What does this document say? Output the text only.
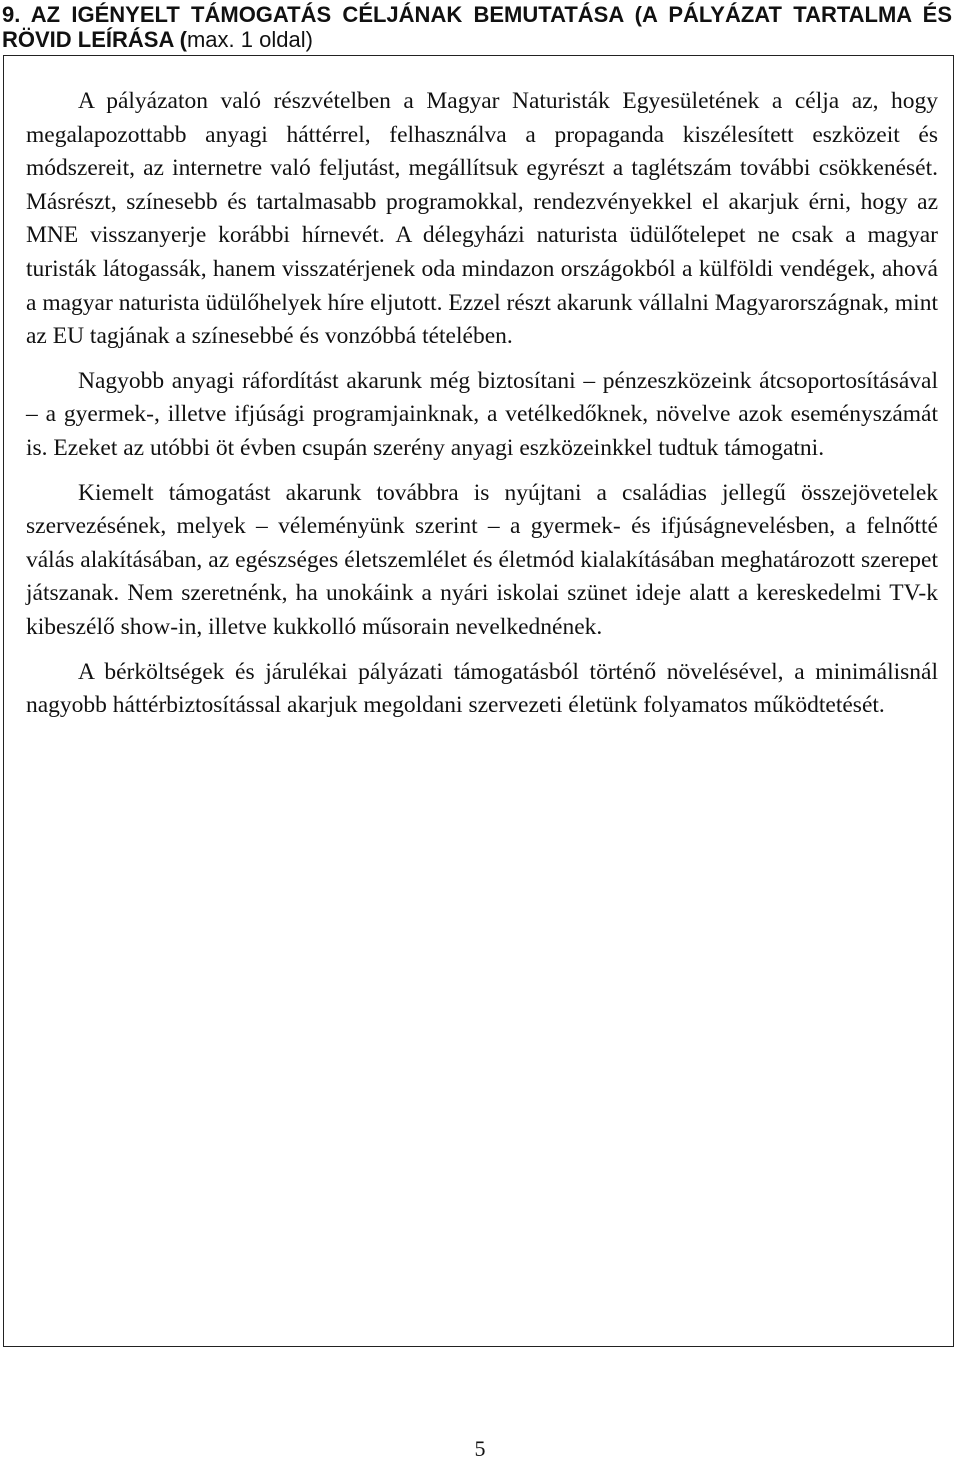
9. AZ IGÉNYELT TÁMOGATÁS CÉLJÁNAK BEMUTATÁSA (A PÁLYÁZAT TARTALMA ÉS RÖVID LEÍRÁSA (max. 1 oldal)

A pályázaton való részvételben a Magyar Naturisták Egyesületének a célja az, hogy megalapozottabb anyagi háttérrel, felhasználva a propaganda kiszélesített eszközeit és módszereit, az internetre való feljutást, megállítsuk egyrészt a taglétszám további csökkenését. Másrészt, színesebb és tartalmasabb programokkal, rendezvényekkel el akarjuk érni, hogy az MNE visszanyerje korábbi hírnevét. A délegyházi naturista üdülőtelepet ne csak a magyar turisták látogassák, hanem visszatérjenek oda mindazon országokból a külföldi vendégek, ahová a magyar naturista üdülőhelyek híre eljutott. Ezzel részt akarunk vállalni Magyarországnak, mint az EU tagjának a színesebbé és vonzóbbá tételében.

Nagyobb anyagi ráfordítást akarunk még biztosítani – pénzeszközeink átcsoportosításával – a gyermek-, illetve ifjúsági programjainknak, a vetélkedőknek, növelve azok eseményszámát is. Ezeket az utóbbi öt évben csupán szerény anyagi eszközeinkkel tudtuk támogatni.

Kiemelt támogatást akarunk továbbra is nyújtani a családias jellegű összejövetelek szervezésének, melyek – véleményünk szerint – a gyermek- és ifjúságnevelésben, a felnőtté válás alakításában, az egészséges életszemlélet és életmód kialakításában meghatározott szerepet játszanak. Nem szeretnénk, ha unokáink a nyári iskolai szünet ideje alatt a kereskedelmi TV-k kibeszélő show-in, illetve kukkolló műsorain nevelkednének.

A bérköltségek és járulékai pályázati támogatásból történő növelésével, a minimálisnál nagyobb háttérbiztosítással akarjuk megoldani szervezeti életünk folyamatos működtetését.

5
